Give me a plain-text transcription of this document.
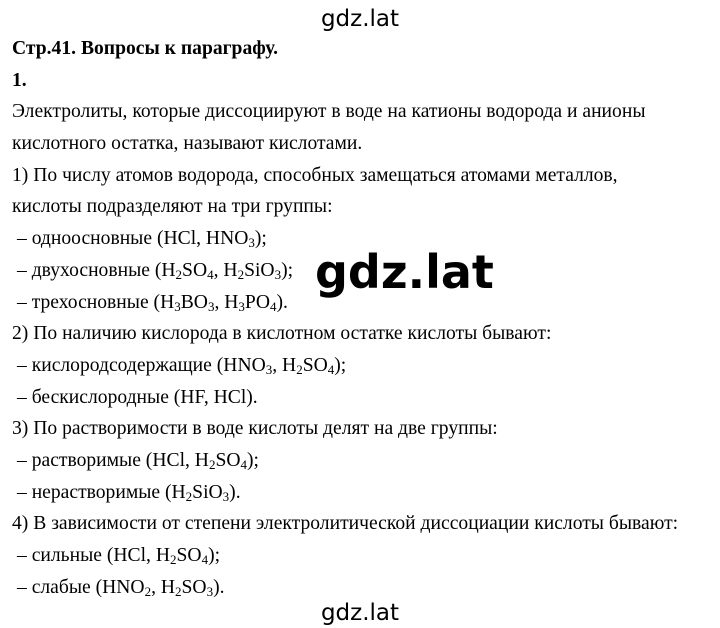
gdz.lat
Стр.41. Вопросы к параграфу.
1.
Электролиты, которые диссоциируют в воде на катионы водорода и анионы
кислотного остатка, называют кислотами.
1) По числу атомов водорода, способных замещаться атомами металлов,
кислоты подразделяют на три группы:
– одноосновные (HCl, $HNO_3$);
– двухосновные ($H_2SO_4$, $H_2SiO_3$);
– трехосновные ($H_3BO_3$, $H_3PO_4$).
2) По наличию кислорода в кислотном остатке кислоты бывают:
– кислородсодержащие ($HNO_3$, $H_2SO_4$);
– бескислородные (HF, HCl).
3) По растворимости в воде кислоты делят на две группы:
– растворимые (HCl, $H_2SO_4$);
– нерастворимые $(H_2SiO_3)$.
4) В зависимости от степени электролитической диссоциации кислоты бывают:
– сильные (HCl, $H_2SO_4$);
– слабые ($HNO_2$, $H_2SO_3$).
gdz.lat
gdz.lat
